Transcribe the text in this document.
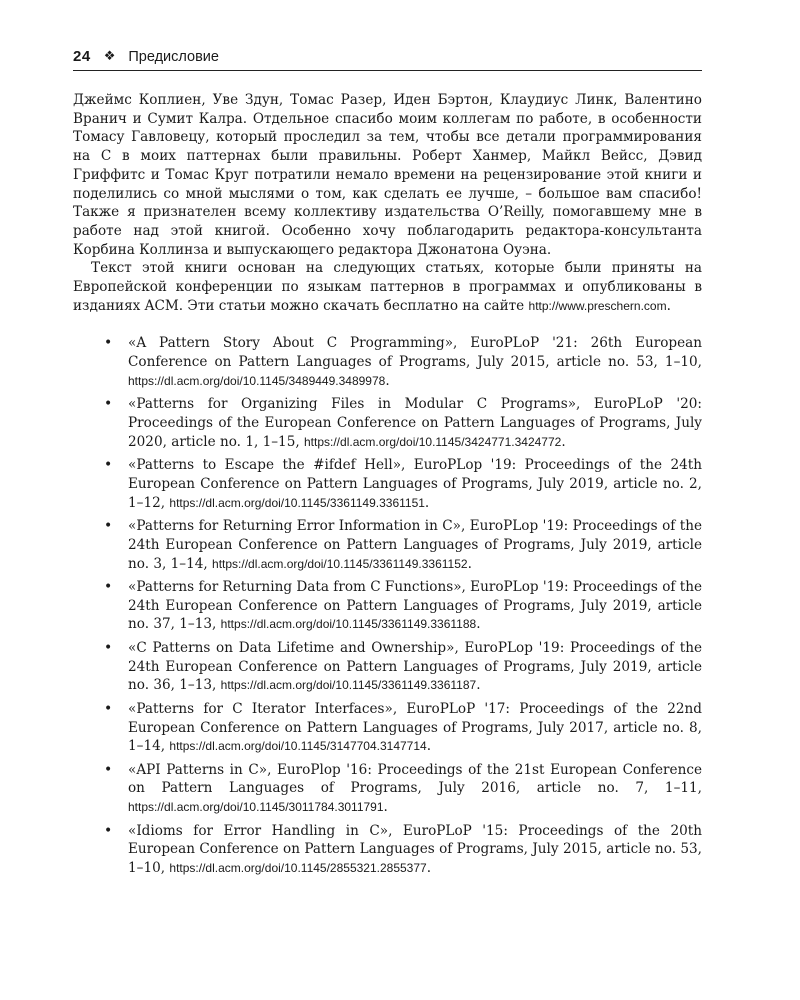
24 ❖ Предисловие

Джеймс Коплиен, Уве Здун, Томас Разер, Иден Бэртон, Клаудиус Линк, Валентино Вранич и Сумит Калра. Отдельное спасибо моим коллегам по работе, в особенности Томасу Гавловецу, который проследил за тем, чтобы все детали программирования на C в моих паттернах были правильны. Роберт Ханмер, Майкл Вейсс, Дэвид Гриффитс и Томас Круг потратили немало времени на рецензирование этой книги и поделились со мной мыслями о том, как сделать ее лучше, – большое вам спасибо! Также я признателен всему коллективу издательства O’Reilly, помогавшему мне в работе над этой книгой. Особенно хочу поблагодарить редактора-консультанта Корбина Коллинза и выпускающего редактора Джонатона Оуэна.

Текст этой книги основан на следующих статьях, которые были приняты на Европейской конференции по языкам паттернов в программах и опубликованы в изданиях ACM. Эти статьи можно скачать бесплатно на сайте http://www.preschern.com.

• «A Pattern Story About C Programming», EuroPLoP '21: 26th European Conference on Pattern Languages of Programs, July 2015, article no. 53, 1–10, https://dl.acm.org/doi/10.1145/3489449.3489978.
• «Patterns for Organizing Files in Modular C Programs», EuroPLoP '20: Proceedings of the European Conference on Pattern Languages of Programs, July 2020, article no. 1, 1–15, https://dl.acm.org/doi/10.1145/3424771.3424772.
• «Patterns to Escape the #ifdef Hell», EuroPLop '19: Proceedings of the 24th European Conference on Pattern Languages of Programs, July 2019, article no. 2, 1–12, https://dl.acm.org/doi/10.1145/3361149.3361151.
• «Patterns for Returning Error Information in C», EuroPLop '19: Proceedings of the 24th European Conference on Pattern Languages of Programs, July 2019, article no. 3, 1–14, https://dl.acm.org/doi/10.1145/3361149.3361152.
• «Patterns for Returning Data from C Functions», EuroPLop '19: Proceedings of the 24th European Conference on Pattern Languages of Programs, July 2019, article no. 37, 1–13, https://dl.acm.org/doi/10.1145/3361149.3361188.
• «C Patterns on Data Lifetime and Ownership», EuroPLop '19: Proceedings of the 24th European Conference on Pattern Languages of Programs, July 2019, article no. 36, 1–13, https://dl.acm.org/doi/10.1145/3361149.3361187.
• «Patterns for C Iterator Interfaces», EuroPLoP '17: Proceedings of the 22nd European Conference on Pattern Languages of Programs, July 2017, article no. 8, 1–14, https://dl.acm.org/doi/10.1145/3147704.3147714.
• «API Patterns in C», EuroPlop '16: Proceedings of the 21st European Conference on Pattern Languages of Programs, July 2016, article no. 7, 1–11, https://dl.acm.org/doi/10.1145/3011784.3011791.
• «Idioms for Error Handling in C», EuroPLoP '15: Proceedings of the 20th European Conference on Pattern Languages of Programs, July 2015, article no. 53, 1–10, https://dl.acm.org/doi/10.1145/2855321.2855377.
